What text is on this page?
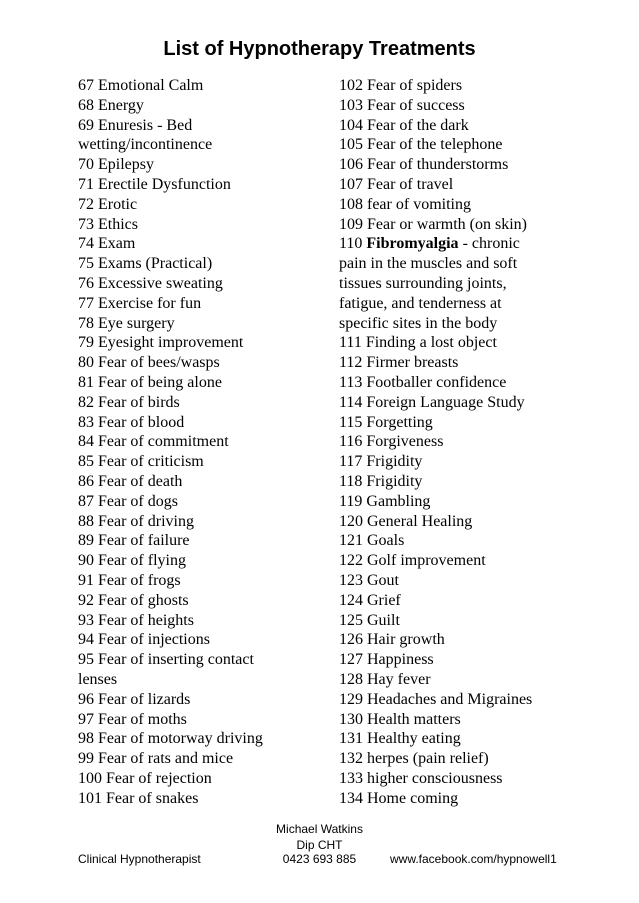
List of Hypnotherapy Treatments
67 Emotional Calm
68 Energy
69 Enuresis - Bed
wetting/incontinence
70 Epilepsy
71 Erectile Dysfunction
72 Erotic
73 Ethics
74 Exam
75 Exams (Practical)
76 Excessive sweating
77 Exercise for fun
78 Eye surgery
79 Eyesight improvement
80 Fear of bees/wasps
81 Fear of being alone
82 Fear of birds
83 Fear of blood
84 Fear of commitment
85 Fear of criticism
86 Fear of death
87 Fear of dogs
88 Fear of driving
89 Fear of failure
90 Fear of flying
91 Fear of frogs
92 Fear of ghosts
93 Fear of heights
94 Fear of injections
95 Fear of inserting contact
lenses
96 Fear of lizards
97 Fear of moths
98 Fear of motorway driving
99 Fear of rats and mice
100 Fear of rejection
101 Fear of snakes
102 Fear of spiders
103 Fear of success
104 Fear of the dark
105 Fear of the telephone
106 Fear of thunderstorms
107 Fear of travel
108 fear of vomiting
109 Fear or warmth (on skin)
110 Fibromyalgia - chronic
pain in the muscles and soft
tissues surrounding joints,
fatigue, and tenderness at
specific sites in the body
111 Finding a lost object
112 Firmer breasts
113 Footballer confidence
114 Foreign Language Study
115 Forgetting
116 Forgiveness
117 Frigidity
118 Frigidity
119 Gambling
120 General Healing
121 Goals
122 Golf improvement
123 Gout
124 Grief
125 Guilt
126 Hair growth
127 Happiness
128 Hay fever
129 Headaches and Migraines
130 Health matters
131 Healthy eating
132 herpes (pain relief)
133 higher consciousness
134 Home coming
Michael Watkins
Dip CHT
Clinical Hypnotherapist	0423 693 885	www.facebook.com/hypnowell1
